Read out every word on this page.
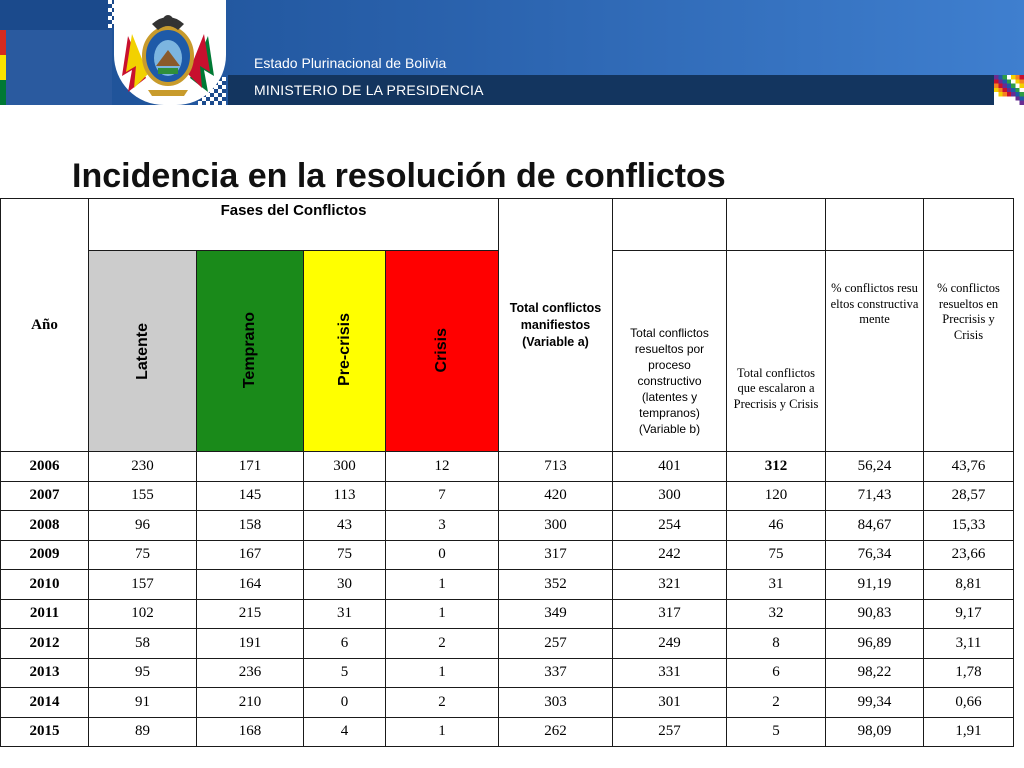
Estado Plurinacional de Bolivia
MINISTERIO DE LA PRESIDENCIA
Incidencia en la resolución de conflictos
Año	Fases del Conflictos				Total conflictos manifiestos (Variable a)				
	Latente	Temprano	Pre-crisis	Crisis		Total conflictos resueltos por proceso constructivo (latentes y tempranos) (Variable b)	Total conflictos que escalaron a Precrisis y Crisis	% conflictos resueltos constructivamente	% conflictos resueltos en Precrisis y Crisis
2006	230	171	300	12	713	401	312	56,24	43,76
2007	155	145	113	7	420	300	120	71,43	28,57
2008	96	158	43	3	300	254	46	84,67	15,33
2009	75	167	75	0	317	242	75	76,34	23,66
2010	157	164	30	1	352	321	31	91,19	8,81
2011	102	215	31	1	349	317	32	90,83	9,17
2012	58	191	6	2	257	249	8	96,89	3,11
2013	95	236	5	1	337	331	6	98,22	1,78
2014	91	210	0	2	303	301	2	99,34	0,66
2015	89	168	4	1	262	257	5	98,09	1,91
